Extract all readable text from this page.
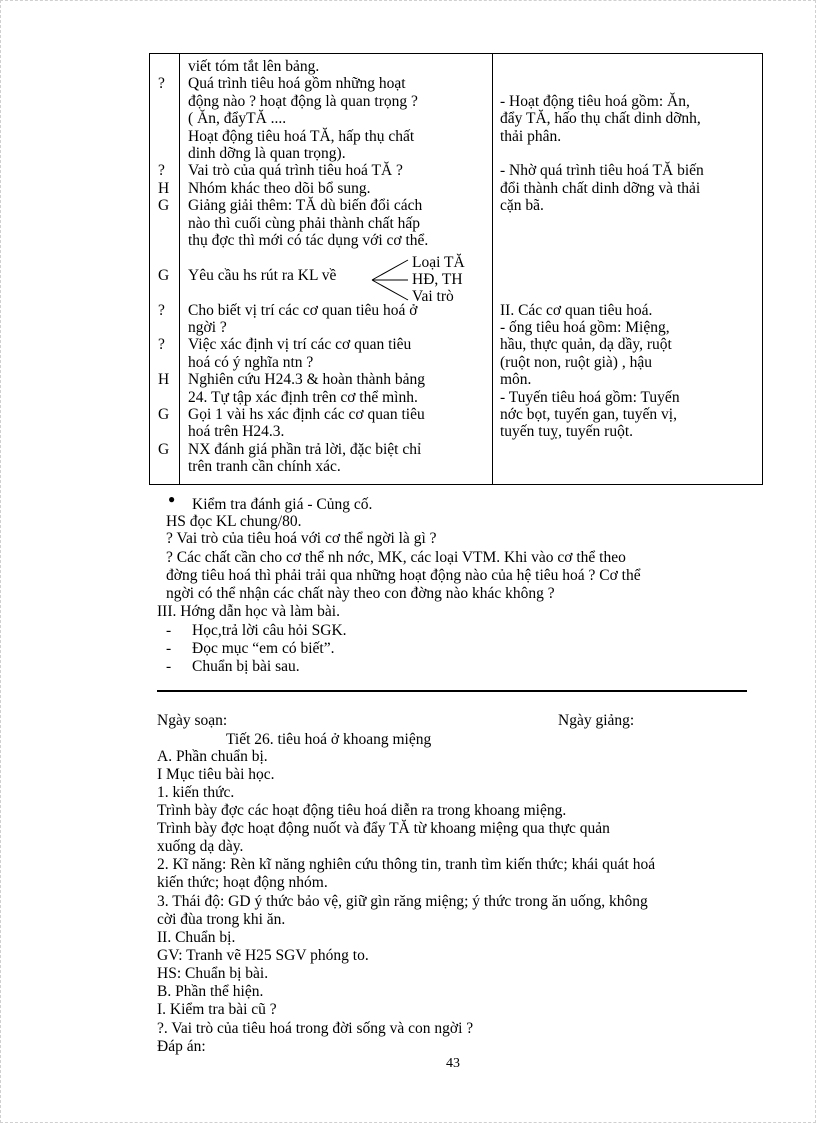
viết tóm tắt lên bảng.
? Quá trình tiêu hoá gồm những hoạt
động nào ? hoạt động là quan trọng ?	- Hoạt động tiêu hoá gồm: Ăn,
( Ăn, đẩyTĂ ....	đẩy TĂ, hấo thụ chất dinh dỡnh,
Hoạt động tiêu hoá TĂ, hấp thụ chất	thải phân.
dinh dỡng là quan trọng).
? Vai trò của quá trình tiêu hoá TĂ ?	- Nhờ quá trình tiêu hoá TĂ biến
H Nhóm khác theo dõi bổ sung.	đổi thành chất dinh dỡng và thải
G Giảng giải thêm: TĂ dù biến đổi cách	cặn bã.
nào thì cuối cùng phải thành chất hấp
thụ đợc thì mới có tác dụng với cơ thể.
G Yêu cầu hs rút ra KL về
? Cho biết vị trí các cơ quan tiêu hoá ở	II. Các cơ quan tiêu hoá.
ngời ?	- ống tiêu hoá gồm: Miệng,
? Việc xác định vị trí các cơ quan tiêu	hầu, thực quản, dạ dầy, ruột
hoá có ý nghĩa ntn ?	(ruột non, ruột già) , hậu
H Nghiên cứu H24.3 & hoàn thành bảng	môn.
24. Tự tập xác định trên cơ thể mình.	- Tuyến tiêu hoá gồm: Tuyến
G Gọi 1 vài hs xác định các cơ quan tiêu	nớc bọt, tuyến gan, tuyến vị,
hoá trên H24.3.	tuyến tuỵ, tuyến ruột.
G NX đánh giá phần trả lời, đặc biệt chỉ
trên tranh cần chính xác.
Loại TĂ
HĐ, TH
Vai trò
● Kiểm tra đánh giá - Củng cố.
HS đọc KL chung/80.
? Vai trò của tiêu hoá với cơ thể ngời là gì ?
? Các chất cần cho cơ thể nh nớc, MK, các loại VTM. Khi vào cơ thể theo
đờng tiêu hoá thì phải trải qua những hoạt động nào của hệ tiêu hoá ? Cơ thể
ngời có thể nhận các chất này theo con đờng nào khác không ?
III. Hớng dẫn học và làm bài.
- Học,trả lời câu hỏi SGK.
- Đọc mục “em có biết”.
- Chuẩn bị bài sau.
Ngày soạn:	Ngày giảng:
Tiết 26. tiêu hoá ở khoang miệng
A. Phần chuẩn bị.
I Mục tiêu bài học.
1. kiến thức.
Trình bày đợc các hoạt động tiêu hoá diễn ra trong khoang miệng.
Trình bày đợc hoạt động nuốt và đẩy TĂ từ khoang miệng qua thực quản
xuống dạ dày.
2. Kĩ năng: Rèn kĩ năng nghiên cứu thông tin, tranh tìm kiến thức; khái quát hoá
kiến thức; hoạt động nhóm.
3. Thái độ: GD ý thức bảo vệ, giữ gìn răng miệng; ý thức trong ăn uống, không
cời đùa trong khi ăn.
II. Chuẩn bị.
GV: Tranh vẽ H25 SGV phóng to.
HS: Chuẩn bị bài.
B. Phần thể hiện.
I. Kiểm tra bài cũ ?
?. Vai trò của tiêu hoá trong đời sống và con ngời ?
Đáp án:
43
